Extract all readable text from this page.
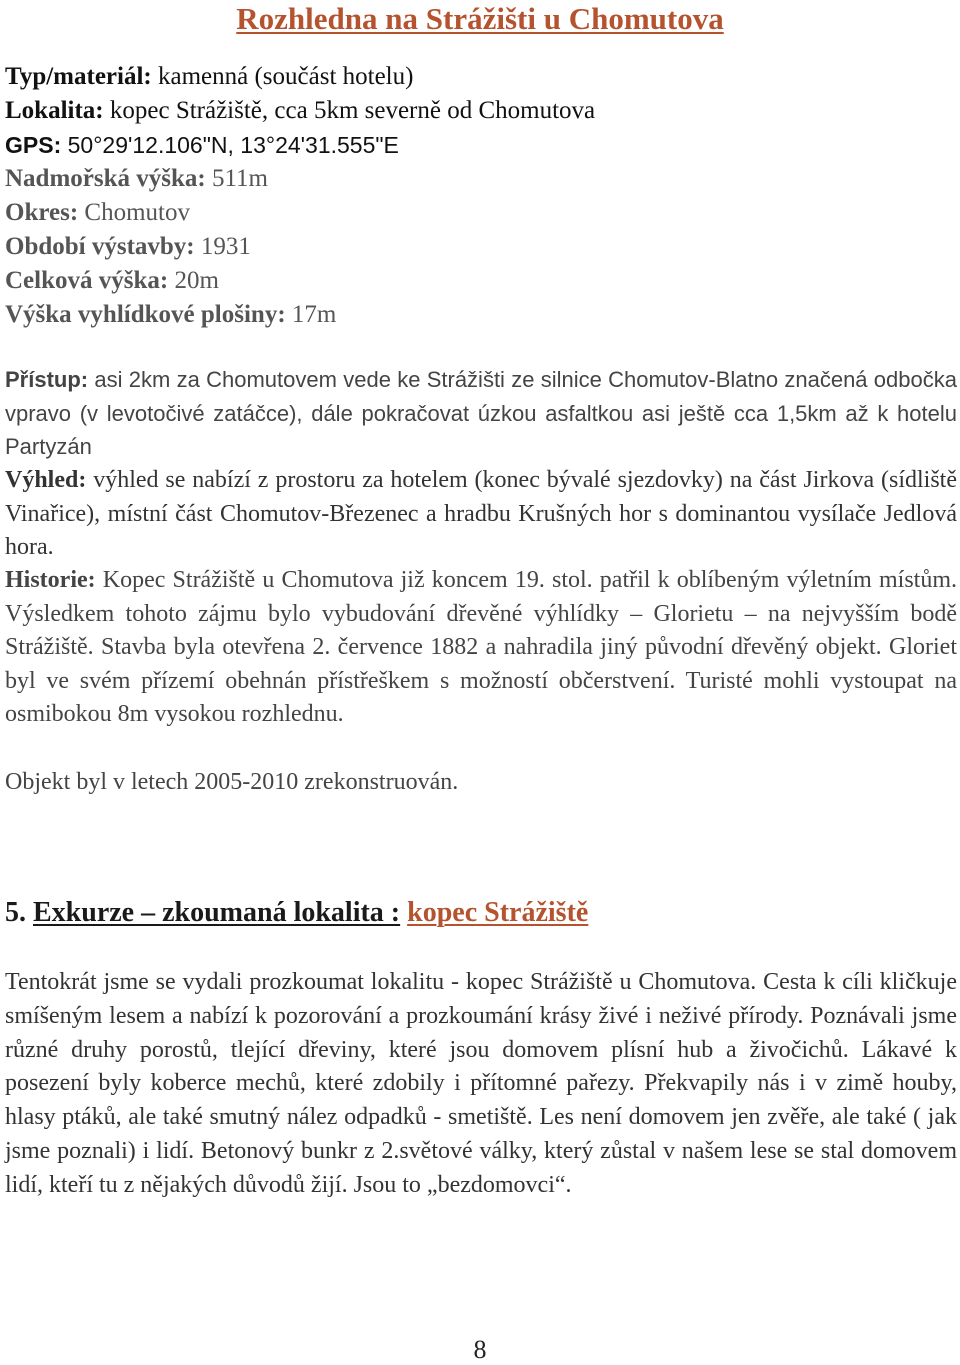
Rozhledna na Strážišti u Chomutova
Typ/materiál: kamenná (součást hotelu)
Lokalita: kopec Strážiště, cca 5km severně od Chomutova
GPS: 50°29'12.106"N, 13°24'31.555"E
Nadmořská výška: 511m
Okres: Chomutov
Období výstavby: 1931
Celková výška: 20m
Výška vyhlídkové plošiny: 17m
Přístup: asi 2km za Chomutovem vede ke Strážišti ze silnice Chomutov-Blatno značená odbočka vpravo (v levotočivé zatáčce), dále pokračovat úzkou asfaltkou asi ještě cca 1,5km až k hotelu Partyzán
Výhled: výhled se nabízí z prostoru za hotelem (konec bývalé sjezdovky) na část Jirkova (sídliště Vinařice), místní část Chomutov-Březenec a hradbu Krušných hor s dominantou vysílače Jedlová hora.
Historie: Kopec Strážiště u Chomutova již koncem 19. stol. patřil k oblíbeným výletním místům. Výsledkem tohoto zájmu bylo vybudování dřevěné výhlídky – Glorietu – na nejvyšším bodě Strážiště. Stavba byla otevřena 2. července 1882 a nahradila jiný původní dřevěný objekt. Gloriet byl ve svém přízemí obehnán přístřeškem s možností občerstvení. Turisté mohli vystoupat na osmibokou 8m vysokou rozhlednu.
Objekt byl v letech 2005-2010 zrekonstruován.
5. Exkurze – zkoumaná lokalita : kopec Strážiště
Tentokrát jsme se vydali prozkoumat lokalitu - kopec Strážiště u Chomutova. Cesta k cíli kličkuje smíšeným lesem a nabízí k pozorování a prozkoumání krásy živé i neživé přírody. Poznávali jsme různé druhy porostů, tlející dřeviny, které jsou domovem plísní hub a živočichů. Lákavé k posezení byly koberce mechů, které zdobily i přítomné pařezy. Překvapily nás i v zimě houby, hlasy ptáků, ale také smutný nález odpadků - smetiště. Les není domovem jen zvěře, ale také ( jak jsme poznali) i lidí. Betonový bunkr z 2.světové války, který zůstal v našem lese se stal domovem lidí, kteří tu z nějakých důvodů žijí. Jsou to „bezdomovci“.
8
